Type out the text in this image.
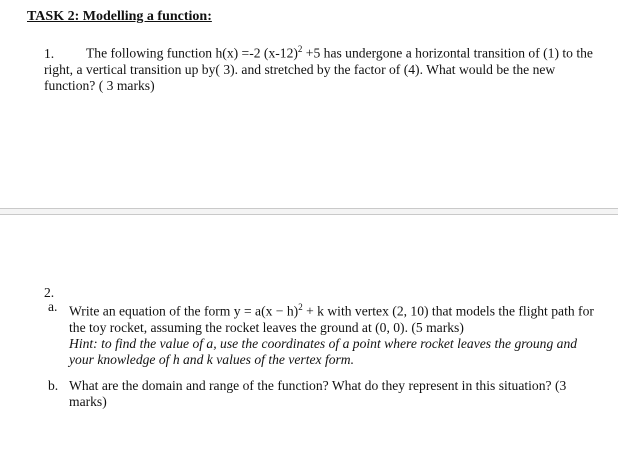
TASK 2: Modelling a function:
1. The following function h(x) =-2 $(x-12)^2 +5$ has undergone a horizontal transition of (1) to the right, a vertical transition up by( 3). and stretched by the factor of (4). What would be the new function? ( 3 marks)
2.
a. Write an equation of the form $y = a(x - h)^2 + k$ with vertex (2, 10) that models the flight path for the toy rocket, assuming the rocket leaves the ground at (0, 0). (5 marks)
Hint: to find the value of a, use the coordinates of a point where rocket leaves the groung and your knowledge of h and k values of the vertex form.
b. What are the domain and range of the function? What do they represent in this situation? (3 marks)
